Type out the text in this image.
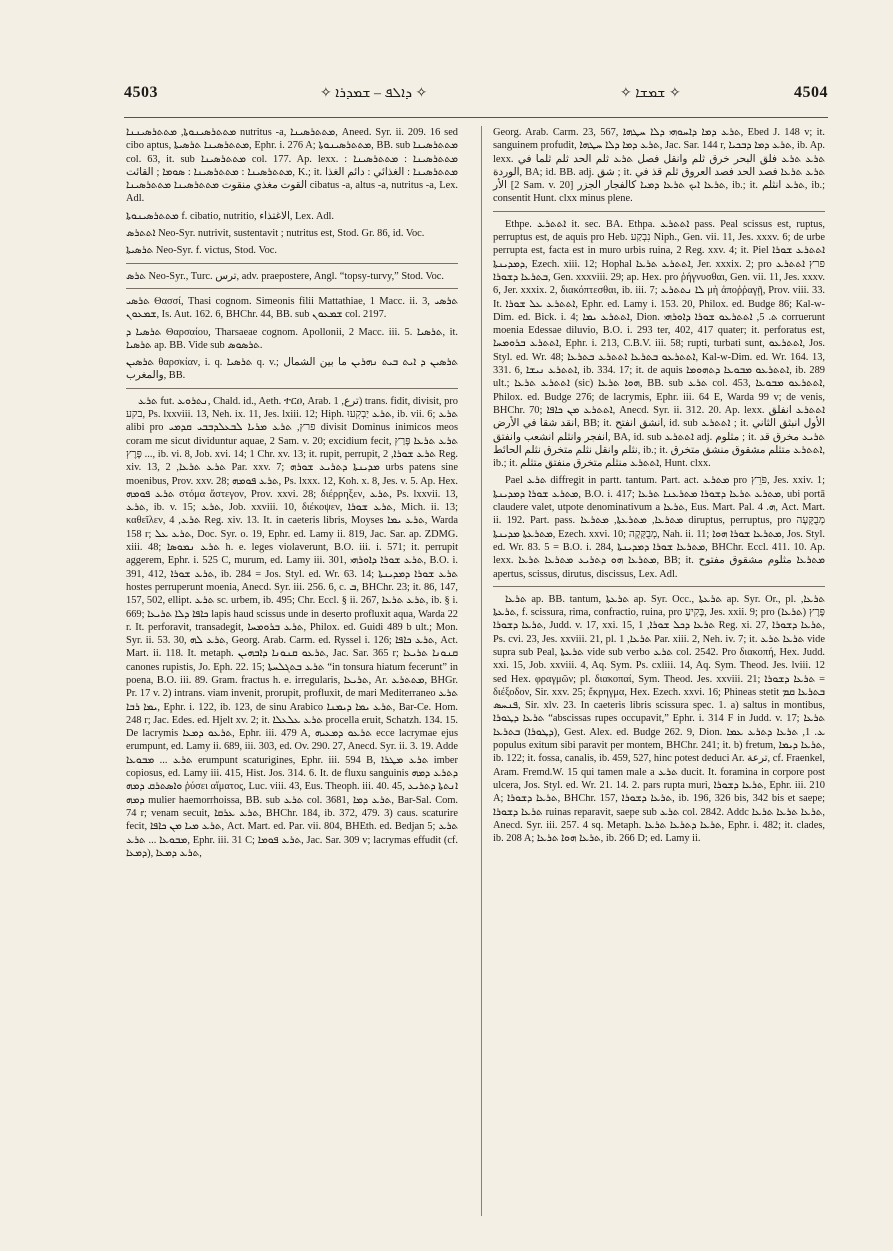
4503	✧ ܕܐܠܦ – ܫܡܕܪܐ ✧	✧ ܫܡܫܐ ✧	4504
ܡܬܬܪܣܝܢܘܬܐ, ܡܬܬܪܣܝܢܢܐ nutritus -a, ܡܬܬܪܣܝܢܐ, Aneed. Syr. ii. 209. 16 sed cibo aptus, ܡܬܬܪܣܝܢܐ ܬܪܣܝܬܐ, Ephr. i. 276 A; ܡܬܬܪܣܝܢܘܬܐ, BB. sub ܡܬܬܪܣܝܢܐ col. 63, it. sub ܡܬܬܪܣܝܢܐ col. 177. Ap. lexx. ܡܬܬܪܣܝܢܐ : ܡܬܬܪܣܝܢܐ : ܡܬܬܪܣܝܢܐ : ܡܬܬܪܣܝܢܐ : ܣܘܡܐ ; القائت, K.; it. ܡܬܬܪܣܝܢܐ : الغذائي : دائم الغذا القوت مغذي منقوت ܡܬܬܪܣܝܢܐ ܡܬܬܪܣܝܢܐ cibatus -a, altus -a, nutritus -a, Lex. Adl.
ܡܬܬܪܣܝܢܘܬܐ f. cibatio, nutritio, الاغتذاء, Lex. Adl.
ܐܬܬܪܣ Neo-Syr. nutrivit, sustentavit ; nutritus est, Stod. Gr. 86, id. Voc.
ܬܪܣܝܬܐ Neo-Syr. f. victus, Stod. Voc.
ܬܪܣ Neo-Syr., Turc. ترس, adv. praepostere, Angl. “topsy-turvy,” Stod. Voc.
ܬܪܣܝ Θασσί, Thasi cognom. Simeonis filii Mattathiae, 1 Macc. ii. 3, ܬܪܣܝ ܫܡܥܘܢ, Is. Aut. 162. 6, BHChr. 44, BB. sub ܫܡܥܘܢ col. 2197.
ܬܪܣܝܐ ܕ Θαρσαίου, Tharsaeae cognom. Apollonii, 2 Macc. iii. 5. ܬܪܣܝܐ, it. ܬܪܣܝܐ ap. BB. Vide sub ܬܪܣܘܣ.
ܬܪܣܝܢ θαρσκίαν, i. q. ܬܪܣܝܐ q. v.; ܬܪܣܝܢ ܕ ܐܝܬ ܒܝܬ ܢܗܪܝܢ ما بين الشمال والمغرب, BB.
ܬܪܥ fut. ܢܬܪܘܥ, Chald. id., Aeth. ተርዐ, Arab. ترع, 1) trans. fidit, divisit, pro בקע, Ps. lxxviii. 13, Neh. ix. 11, Jes. lxiii. 12; Hiph. ܬܪܥ יַבְקִעוּ, ib. vii. 6; ܬܪܥ alibi pro פרץ, ܬܪܥ ܡܪܝܐ ܠܒܥܠܕܒܒܝ ܩܕܡܝ divisit Dominus inimicos meos coram me sicut dividuntur aquae, 2 Sam. v. 20; excidium fecit, ܬܪܥ ܬܪܥܐ פָּרַץ ... פֶּרֶץ, ib. vi. 8, Job. xvi. 14; 1 Chr. xv. 13; it. rupit, perrupit, ܬܪܥ ܫܘܪܐ, 2 Reg. xiv. 13, ܬܪܥ ܬܪܥܐ, 2 Par. xxv. 7; ܡܕܝܢܬܐ ܕܬܪܝܥ ܫܘܪܗ urbs patens sine moenibus, Prov. xxv. 28; ܬܪܥ ܦܘܡܗ, Ps. lxxx. 12, Koh. x. 8, Jes. v. 5. Ap. Hex. ܬܪܥ ܦܘܡܗ στόμα ἄστεγον, Prov. xxvi. 28; διέρρηξεν, ܬܪܥ, Ps. lxxvii. 13, ܬܪܥ, ib. v. 15; ܬܪܥ, Job. xxviii. 10, διέκοψεν, ܬܪܥ ܫܘܪܐ, Mich. ii. 13; καθεῖλεν, ܬܪܥ, 4 Reg. xiv. 13. It. in caeteris libris, Moyses ܬܪܥ ܝܡܐ, Warda 158 r; ܬܪܥ ܥܠ, Doc. Syr. o. 19, Ephr. ed. Lamy ii. 819, Jac. Sar. ap. ZDMG. xiii. 48; ܬܪܥ ܢܡܘܣܐ h. e. leges violaverunt, B.O. iii. i. 571; it. perrupit aggerem, Ephr. i. 525 C, murum, ed. Lamy iii. 301, ܬܪܥ ܫܘܪܐ ܕܐܘܪܗܝ, B.O. i. 391, 412, ܬܪܥ ܫܘܪܐ, ib. 284 = Jos. Styl. ed. Wr. 63. 14; ܬܪܥ ܫܘܪܐ ܕܡܕܝܢܬܐ hostes perruperunt moenia, Anecd. Syr. iii. 256. 6, c. ܒ, BHChr. 23; it. 86, 147, 157, 502, ellipt. ܬܪܥ sc. urbem, ib. 495; Chr. Eccl. § ii. 267, ܬܪܥ ܬܪܥܐ, ib. § i. 669; ܟܐܦܐ ܕܠܐ ܬܪܝܥܐ lapis haud scissus unde in deserto profluxit aqua, Warda 22 r. It. perforavit, transadegit, ܬܪܥ ܒܪܘܡܚܐ, Philox. ed. Guidi 489 b ult.; Mon. Syr. ii. 53. 30, ܬܪܥ ܠܗ, Georg. Arab. Carm. ed. Ryssel i. 126; ܬܪܥ ܟܐܦܐ, Act. Mart. ii. 118. It. metaph. ܬܪܥܘ ܩܢܘܢܐ ܕܐܒܗܝܢ, Jac. Sar. 365 r; ܩܢܘܢܐ ܬܪܝܥܐ canones rupistis, Jo. Eph. 22. 15; ܬܪܥ ܒܬܓܠܚܬܐ “in tonsura hiatum fecerunt” in poena, B.O. iii. 89. Gram. fractus h. e. irregularis, ܬܪܝܥܐ, Ar. ܡܬܬܪܥ, BHGr. Pr. 17 v. 2) intrans. viam invenit, prorupit, profluxit, de mari Mediterraneo ܬܪܥ ܝܡܐ ܪܒܐ, Ephr. i. 122, ib. 123, de sinu Arabico ܬܪܥ ܝܡܐ ܕܝܡܢܐ, Bar-Ce. Hom. 248 r; Jac. Edes. ed. Hjelt xv. 2; it. ܬܪܥ ܥܠܥܠܐ procella eruit, Schatzh. 134. 15. De lacrymis ܬܪܥܘ ܕܡܥܐ, Ephr. iii. 479 A, ܬܪܥܘ ܕܡܥܝܗ ecce lacrymae ejus erumpunt, ed. Lamy ii. 689, iii. 303, ed. Ov. 290. 27, Anecd. Syr. ii. 3. 19. Adde ܬܪܥ ... ܡܒܘܥܐ erumpunt scaturigines, Ephr. iii. 594 B, ܬܪܥ ܡܛܪܐ imber copiosus, ed. Lamy iii. 415, Hist. Jos. 314. 6. It. de fluxu sanguinis ܕܬܪܥ ܕܡܗ ܘܐܣܬܪܩ ܕܡܗ ῥύσει αἵματος, Luc. viii. 43, Eus. Theoph. iii. 40. 45, ܐܢܬܬܐ ܕܬܪܝܥ ܕܡܗ mulier haemorrhoissa, BB. sub ܬܪܥ col. 3681, ܬܪܥ ܕܡܐ, Bar-Sal. Com. 74 r; venam secuit, ܬܪܥ ܥܪܩܐ, BHChr. 184, ib. 372, 479. 3) caus. scaturire fecit, ܬܪܥ ܡܝܐ ܡܢ ܟܐܦܐ, Act. Mart. ed. Par. vii. 804, BHEth. ed. Bedjan 5; ܬܪܥ ܡܒܘܥܐ ... ܬܪܥ, Ephr. iii. 31 C; ܬܪܥ ܦܘܡܐ, Jac. Sar. 309 v; lacrymas effudit (cf. ܕܡܥܐ), ܬܪܥ ܕܡܥܐ,
Georg. Arab. Carm. 23, 567, ܬܪܥ ܕܡܐ ܕܐܚܘܗܝ ܕܠܐ ܚܛܗܐ, Ebed J. 148 v; it. sanguinem profudit, ܬܪܥ ܕܡܐ ܕܠܐ ܚܛܗܐ, Jac. Sar. 144 r, ܬܪܥ ܕܡܐ ܕܒܟܝܐ, ib. Ap. lexx. ܬܪܥ ܬܪܥ فلق البحر خرق ثلم وانقل فصل ܬܪܥ ثلم الحد ثلم ثلما في الوردة, BA; id. BB. adj. شق ; it. ܬܪܥ ܬܪܥܐ فصد الحد فصد العروق ثلم قذ في الأر [2 Sam. v. 20] ܬܪܥܐ ܐܝܟ ܬܪܥܐ ܕܡܝܐ كالفجار الجزر, ib.; it. ܬܪܥ انثلم, ib.; consentit Hunt. clxx minus plene.
Ethpe. ܐܬܬܪܥ it. sec. BA. Ethpa. ܐܬܬܪܥ pass. Peal scissus est, ruptus, perruptus est, de aquis pro Heb. נִבְקַע Niph., Gen. vii. 11, Jes. xxxv. 6; de urbe perrupta est, facta est in muro urbis ruina, 2 Reg. xxv. 4; it. Piel ܐܬܬܪܥ ܫܘܪܐ ܕܡܕܝܢܬܐ, Ezech. xiii. 12; Hophal ܐܬܬܪܥ ܬܪܥܐ, Jer. xxxix. 2; pro פרץ ܐܬܬܪܥ ܒܬܪܥܐ ܕܫܘܪܐ, Gen. xxxviii. 29; ap. Hex. pro ῥήγνυσθαι, Gen. vii. 11, Jes. xxxv. 6, Jer. xxxix. 2, διακόπτεσθαι, ib. iii. 7; ܠܐ ܢܬܬܪܥ μὴ ἀποῤῥαγῇ, Prov. viii. 33. It. ܐܬܬܪܥ ܥܠ ܫܘܪܐ, Ephr. ed. Lamy i. 153. 20, Philox. ed. Budge 86; Kal-w-Dim. ed. Bick. i. 4; ܐܬܬܪܥ ܝܡܐ, Dion. ܬ. 5, ܐܬܬܪܥܘ ܫܘܪܐ ܕܐܘܪܗܝ corruerunt moenia Edessae diluvio, B.O. i. 293 ter, 402, 417 quater; it. perforatus est, ܐܬܬܪܥ ܒܪܘܡܚܐ, Ephr. i. 213, C.B.V. iii. 58; rupti, turbati sunt, ܐܬܬܪܥܘ, Jos. Styl. ed. Wr. 48; ܐܬܬܪܥܘ ܒܬܪܥܐ ܐܬܬܪܥ ܒܬܪܥܐ, Kal-w-Dim. ed. Wr. 164. 13, 331. 6, ܐܬܬܪܥ ܢܝܫܐ, ib. 334. 17; it. de aquis ܐܬܬܪܥܘ ܡܒܘܥܐ ܕܬܗܘܡܐ, ib. 289 ult.; ܐܬܬܪܥ ܬܪܥܐ (sic) ܗܘܐ ܬܪܥܐ, BB. sub ܬܪܥ col. 453, ܐܬܬܪܥܘ ܡܒܘܥܐ, Philox. ed. Budge 276; de lacrymis, Ephr. iii. 64 E, Warda 99 v; de venis, BHChr. 70; ܐܬܬܪܥ ܡܢ ܟܐܦܐ, Anecd. Syr. ii. 312. 20. Ap. lexx. ܐܬܬܪܥ انفلق انقد شقا في الأرض, BB; it. انشق انفتح, id. sub ܐܬܬܪܥ ; it. الأول انبثق الثاني انفجر وانثلم انشعب وانفتق, BA, id. sub ܐܬܬܪܥ adj. مثلوم ; it. ܬܪܝܥ مخرق قد نثلم وانقل نثلم متخرق نثلم الحائط, ib.; it. ܐܬܬܪܥ متثلم مشقوق منشق متخرق, ib.; it. ܐܬܬܪܥ منثلم متخرق منفتق متثلم, Hunt. clxx.
Pael ܬܪܥ diffregit in partt. tantum. Part. act. ܡܬܪܥ pro פֹּרֵץ, Jes. xxiv. 1; ܡܬܪܥ ܫܘܪܐ ܕܡܕܝܢܬܐ, B.O. i. 417; ܡܬܪܥ ܬܪܥܐ ܕܫܘܪܐ ܡܬܪܥܢܐ ܬܪܥܐ, ubi portā claudere valet, utpote denominativum a ܬܪܥܐ, Eus. Mart. Pal. ܗ. 4, Act. Mart. ii. 192. Part. pass. ܡܬܪܥܐ, ܡܬܪܥܬܐ, ܡܬܪܥܐ diruptus, perruptus, pro מְבֻקָּעָה ܡܬܪܥܬܐ ܡܕܝܢܬܐ, Ezech. xxvi. 10; מְבֻקָּקָה, Nah. ii. 11; ܡܬܪܥܐ ܫܘܪܐ ܗܘܐ, Jos. Styl. ed. Wr. 83. 5 = B.O. i. 284, ܡܬܪܥܐ ܫܘܪܐ ܕܡܕܝܢܬܐ, BHChr. Eccl. 411. 10. Ap. lexx. ܡܬܪܥܐ ܗܘ ܕܬܪܝܥ ܡܬܪܥܐ ܬܪܥܐ, BB; it. ܡܬܪܥܐ مثلوم مشقوق مفتوح apertus, scissus, dirutus, discissus, Lex. Adl.
ܬܪܥܐ ap. BB. tantum, ܬܪܥܬܐ ap. Syr. Occ., ܬܪܥܬܐ ap. Syr. Or., pl. ܬܪܥܐ, ܬܪܥܬܐ, f. scissura, rima, confractio, ruina, pro בָּקִיעַ, Jes. xxii. 9; pro פֶּרֶץ (ܬܪܥܐ) ܬܪܥܐ ܕܫܘܪܐ, Judd. v. 17, xxi. 15, ܬܪܥܐ ܕܟܠ ܫܘܪܐ, 1 Reg. xi. 27, ܬܪܥܐ ܕܫܘܪܐ, Ps. cvi. 23, Jes. xxviii. 21, pl. ܬܪܥܐ, 1 Par. xiii. 2, Neh. iv. 7; it. ܬܪܥܐ ܬܪܥ vide supra sub Peal, ܬܪܥܬܐ vide sub verbo ܬܪܥ col. 2542. Pro διακοπή, Hex. Judd. xxi. 15, Job. xxviii. 4, Aq. Sym. Ps. cxliii. 14, Aq. Sym. Theod. Jes. lviii. 12 sed Hex. φραγμῶν; pl. διακοπαί, Sym. Theod. Jes. xxviii. 21; ܬܪܥܐ ܕܫܘܪܐ = διέξοδον, Sir. xxv. 25; ἔκρηγμα, Hex. Ezech. xxvi. 16; Phineas stetit ܒܬܪܥܐ ܩܡ ܦܢܚܣ, Sir. xlv. 23. In caeteris libris scissura spec. 1. a) saltus in montibus, ܬܪܥܐ ܕܛܘܪܐ “abscissas rupes occupavit,” Ephr. i. 314 F in Judd. v. 17; ܬܪܥܐ (ܕܛܘܪܐ) ܒܬܪܥܐ, Gest. Alex. ed. Budge 262. 9, Dion. ܥ. 1, ܬܪܥܐ ܕܬܪܥ ܥܡܐ populus exitum sibi paravit per montem, BHChr. 241; it. b) fretum, ܬܪܥܐ ܕܝܡܐ, ib. 122; it. fossa, canalis, ib. 459, 527, hinc potest deduci Ar. ترعة, cf. Fraenkel, Aram. Fremd.W. 15 qui tamen male a ܬܪܥ ducit. It. foramina in corpore post ulcera, Jos. Styl. ed. Wr. 21. 14. 2. pars rupta muri, ܬܪܥܐ ܕܫܘܪܐ, Ephr. iii. 210 A; ܬܪܥܐ ܕܫܘܪܐ, BHChr. 157, ܬܪܥܐ ܕܫܘܪܐ, ib. 196, 326 bis, 342 bis et saepe; ܬܪܥܐ ܕܫܘܪܐ ruinas reparavit, saepe sub ܬܪܥ col. 2842. Addc ܬܪܥܐ ܬܪܥܐ ܬܪܥܐ, Anecd. Syr. iii. 257. 4 sq. Metaph. ܬܪܥܐ ܕܬܪܥܐ ܬܪܥܐ, Ephr. i. 482; it. clades, ib. 208 A; ܬܪܥܐ ܗܘܐ ܬܪܥܐ, ib. 266 D; ed. Lamy ii.
